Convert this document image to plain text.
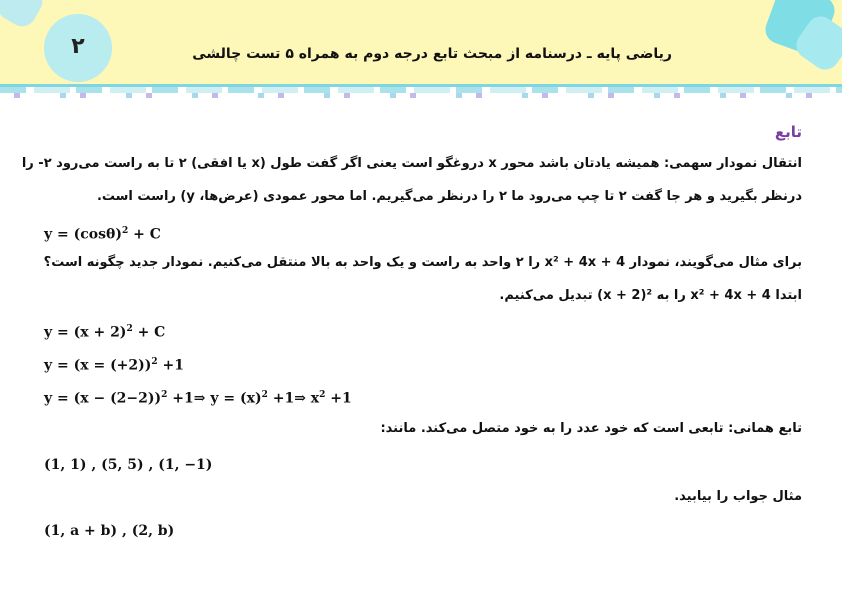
۲	ریاضی پایه ـ درسنامه از مبحث تابع درجه دوم به همراه ۵ تست چالشی
تابع
انتقال نمودار سهمی: همیشه یادتان باشد محور x دروغگو است یعنی اگر گفت طول (x یا افقی) ۲ تا به راست می‌رود ۲- را
درنظر بگیرید و هر جا گفت ۲ تا چپ می‌رود ما ۲ را درنظر می‌گیریم. اما محور عمودی (عرض‌ها، y) راست است.
$y = (\cos\theta)^2 + C$
برای مثال می‌گویند، نمودار x² + 4x + 4 را ۲ واحد به راست و یک واحد به بالا منتقل می‌کنیم. نمودار جدید چگونه است؟
ابتدا x² + 4x + 4 را به ²(x + 2) تبدیل می‌کنیم.
$y = (x + 2)^2 + C$
y = (x = (+2))$^2$ +1
$y = (x - (2-2))^2$ +1⇒ $y = (x)^2$ +1⇒ $x^2 +1$
تابع همانی: تابعی است که خود عدد را به خود متصل می‌کند. مانند:
(1, 1) , (5, 5) , (1, −1)
مثال جواب را بیابید.
(1, a + b) , (2, b)
